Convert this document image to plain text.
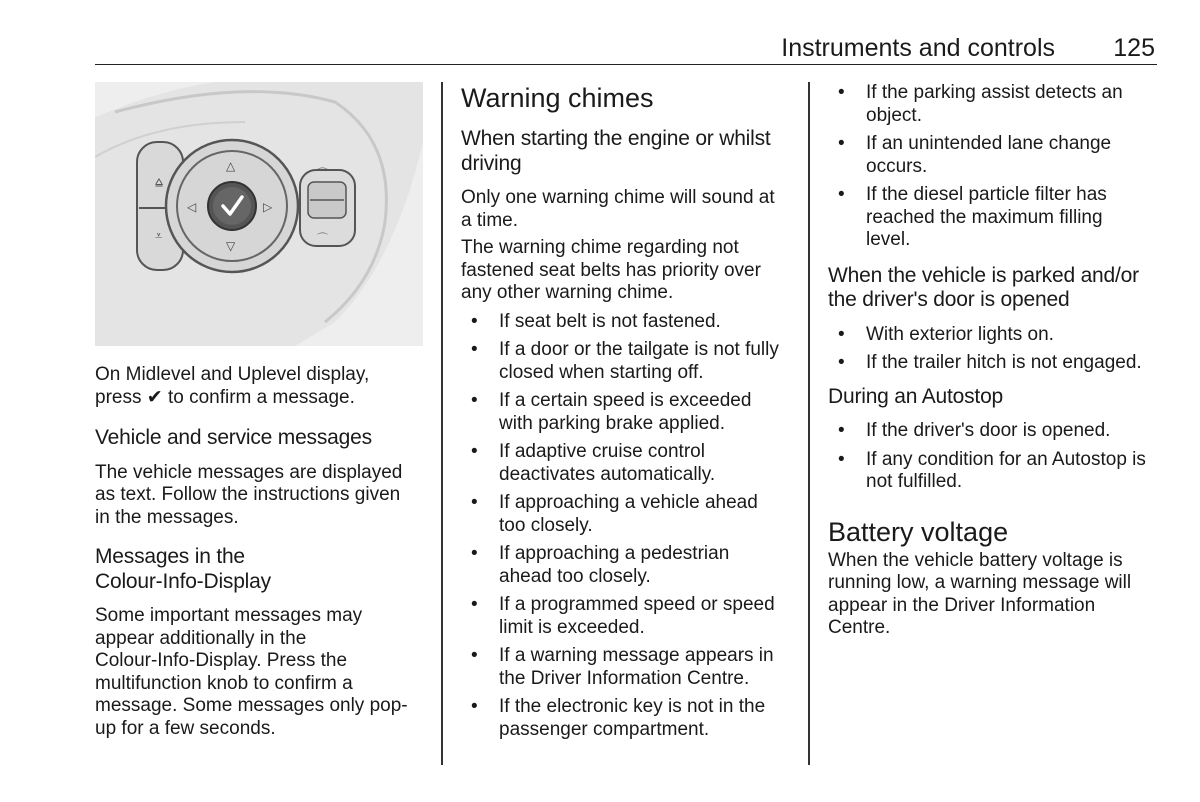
Instruments and controls 125
⩠
⩡
△
▽
◁	▷
⌒
⌒

On Midlevel and Uplevel display,
press ✔ to confirm a message.

Vehicle and service messages

The vehicle messages are displayed
as text. Follow the instructions given
in the messages.

Messages in the
Colour-Info-Display

Some important messages may
appear additionally in the
Colour-Info-Display. Press the
multifunction knob to confirm a
message. Some messages only pop-
up for a few seconds.

Warning chimes
When starting the engine or whilst
driving

Only one warning chime will sound at
a time.

The warning chime regarding not
fastened seat belts has priority over
any other warning chime.

• If seat belt is not fastened.
• If a door or the tailgate is not fully
closed when starting off.
• If a certain speed is exceeded
with parking brake applied.
• If adaptive cruise control
deactivates automatically.
• If approaching a vehicle ahead
too closely.
• If approaching a pedestrian
ahead too closely.
• If a programmed speed or speed
limit is exceeded.
• If a warning message appears in
the Driver Information Centre.
• If the electronic key is not in the
passenger compartment.
• If the parking assist detects an
object.
• If an unintended lane change
occurs.
• If the diesel particle filter has
reached the maximum filling
level.
When the vehicle is parked and/or
the driver's door is opened
• With exterior lights on.
• If the trailer hitch is not engaged.
During an Autostop
• If the driver's door is opened.
• If any condition for an Autostop is
not fulfilled.
Battery voltage

When the vehicle battery voltage is
running low, a warning message will
appear in the Driver Information
Centre.
